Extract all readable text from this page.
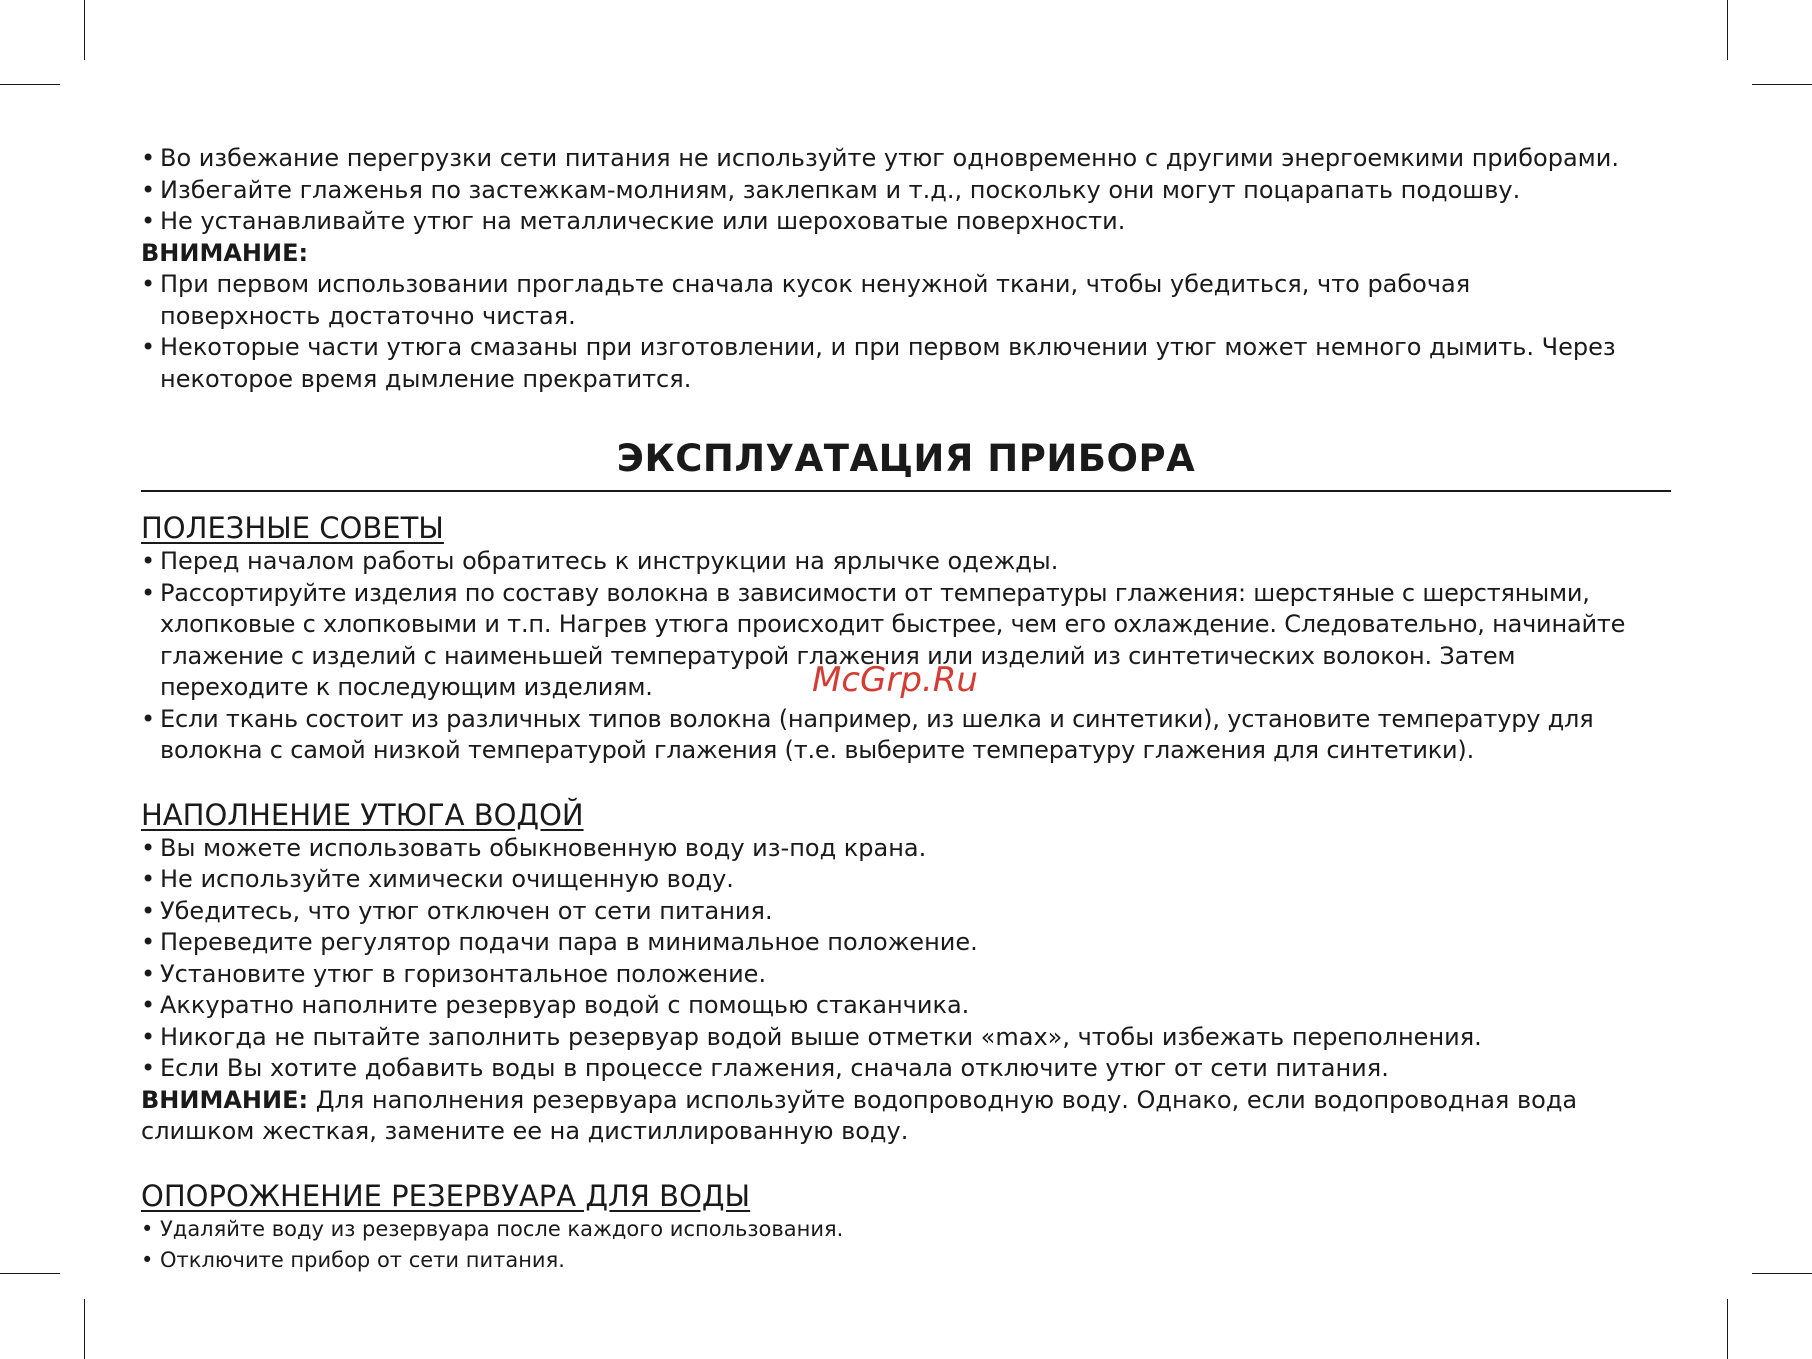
• Во избежание перегрузки сети питания не используйте утюг одновременно с другими энергоемкими приборами.
• Избегайте глаженья по застежкам-молниям, заклепкам и т.д., поскольку они могут поцарапать подошву.
• Не устанавливайте утюг на металлические или шероховатые поверхности.
ВНИМАНИЕ:
• При первом использовании прогладьте сначала кусок ненужной ткани, чтобы убедиться, что рабочая поверхность достаточно чистая.
• Некоторые части утюга смазаны при изготовлении, и при первом включении утюг может немного дымить. Через некоторое время дымление прекратится.
ЭКСПЛУАТАЦИЯ ПРИБОРА
ПОЛЕЗНЫЕ СОВЕТЫ
• Перед началом работы обратитесь к инструкции на ярлычке одежды.
• Рассортируйте изделия по составу волокна в зависимости от температуры глажения: шерстяные с шерстяными, хлопковые с хлопковыми и т.п. Нагрев утюга происходит быстрее, чем его охлаждение. Следовательно, начинайте глажение с изделий с наименьшей температурой глажения или изделий из синтетических волокон. Затем переходите к последующим изделиям.
• Если ткань состоит из различных типов волокна (например, из шелка и синтетики), установите температуру для волокна с самой низкой температурой глажения (т.е. выберите температуру глажения для синтетики).
НАПОЛНЕНИЕ УТЮГА ВОДОЙ
• Вы можете использовать обыкновенную воду из-под крана.
• Не используйте химически очищенную воду.
• Убедитесь, что утюг отключен от сети питания.
• Переведите регулятор подачи пара в минимальное положение.
• Установите утюг в горизонтальное положение.
• Аккуратно наполните резервуар водой с помощью стаканчика.
• Никогда не пытайте заполнить резервуар водой выше отметки «max», чтобы избежать переполнения.
• Если Вы хотите добавить воды в процессе глажения, сначала отключите утюг от сети питания.
ВНИМАНИЕ: Для наполнения резервуара используйте водопроводную воду. Однако, если водопроводная вода слишком жесткая, замените ее на дистиллированную воду.
ОПОРОЖНЕНИЕ РЕЗЕРВУАРА ДЛЯ ВОДЫ
• Удаляйте воду из резервуара после каждого использования.
• Отключите прибор от сети питания.
McGrp.Ru
